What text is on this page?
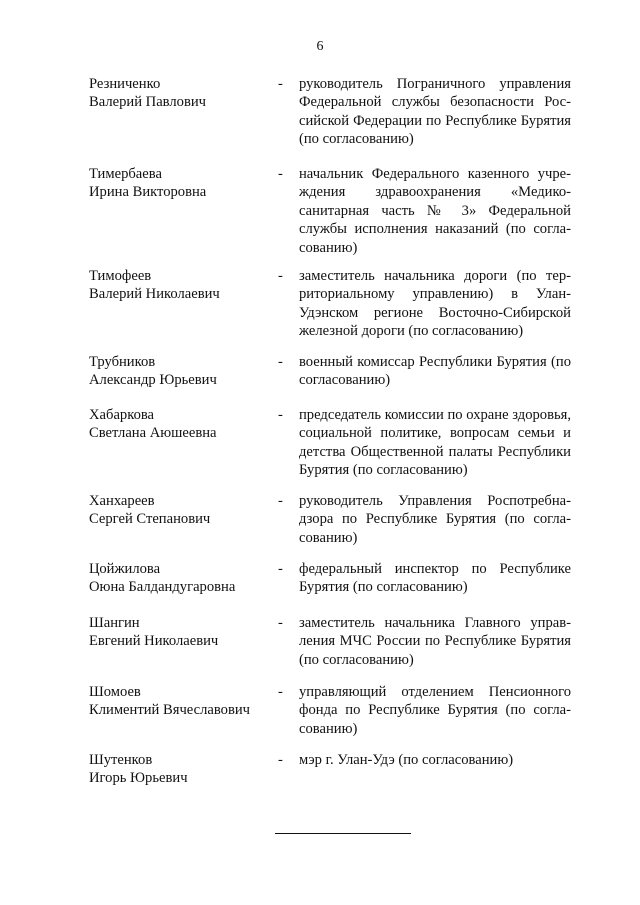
6
Резниченко
Валерий Павлович
-	руководитель Пограничного управления Федеральной службы безопасности Российской Федерации по Республике Бурятия (по согласованию)
Тимербаева
Ирина Викторовна
-	начальник Федерального казенного учреждения здравоохранения «Медико-санитарная часть № 3» Федеральной службы исполнения наказаний (по согласованию)
Тимофеев
Валерий Николаевич
-	заместитель начальника дороги (по территориальному управлению) в Улан-Удэнском регионе Восточно-Сибирской железной дороги (по согласованию)
Трубников
Александр Юрьевич
-	военный комиссар Республики Бурятия (по согласованию)
Хабаркова
Светлана Аюшеевна
-	председатель комиссии по охране здоровья, социальной политике, вопросам семьи и детства Общественной палаты Республики Бурятия (по согласованию)
Ханхареев
Сергей Степанович
-	руководитель Управления Роспотребнадзора по Республике Бурятия (по согласованию)
Цойжилова
Оюна Балдандугаровна
-	федеральный инспектор по Республике Бурятия (по согласованию)
Шангин
Евгений Николаевич
-	заместитель начальника Главного управления МЧС России по Республике Бурятия (по согласованию)
Шомоев
Климентий Вячеславович
-	управляющий отделением Пенсионного фонда по Республике Бурятия (по согласованию)
Шутенков
Игорь Юрьевич
-	мэр г. Улан-Удэ (по согласованию)
